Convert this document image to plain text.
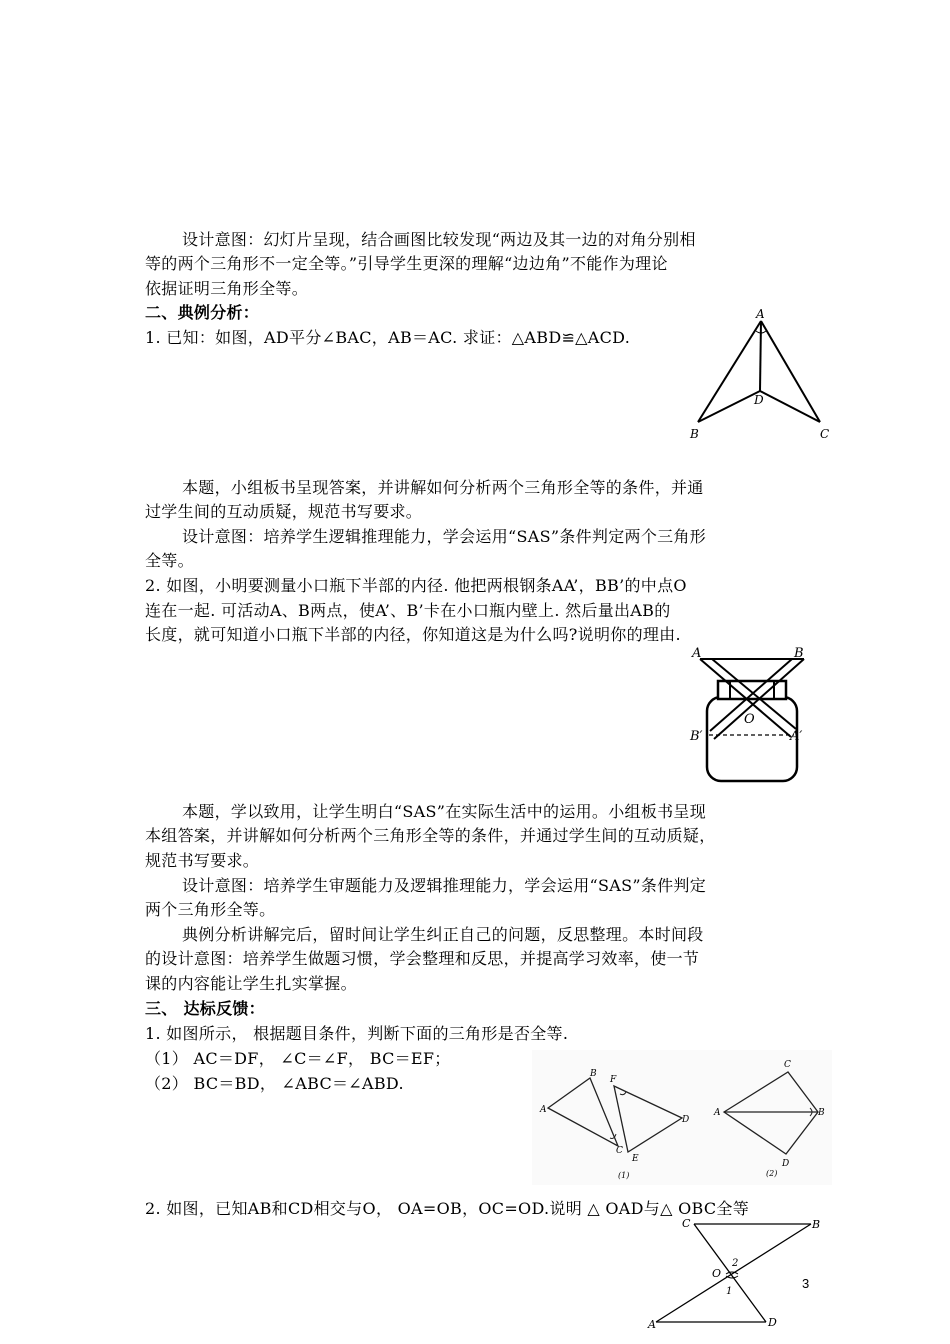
设计意图：幻灯片呈现，结合画图比较发现“两边及其一边的对角分别相
等的两个三角形不一定全等。”引导学生更深的理解“边边角”不能作为理论
依据证明三角形全等。
二、典例分析：
1. 已知：如图，AD平分∠BAC，AB＝AC. 求证：△ABD≌△ACD.
A
B	C
D
本题，小组板书呈现答案，并讲解如何分析两个三角形全等的条件，并通
过学生间的互动质疑，规范书写要求。
设计意图：培养学生逻辑推理能力，学会运用“SAS”条件判定两个三角形
全等。
2. 如图，小明要测量小口瓶下半部的内径. 他把两根钢条AA’，BB’的中点O
连在一起. 可活动A、B两点，使A’、B’卡在小口瓶内壁上. 然后量出AB的
长度，就可知道小口瓶下半部的内径，你知道这是为什么吗?说明你的理由.
A	B
O
B′	A′
本题，学以致用，让学生明白“SAS”在实际生活中的运用。小组板书呈现
本组答案，并讲解如何分析两个三角形全等的条件，并通过学生间的互动质疑，
规范书写要求。
设计意图：培养学生审题能力及逻辑推理能力，学会运用“SAS”条件判定
两个三角形全等。
典例分析讲解完后，留时间让学生纠正自己的问题，反思整理。本时间段
的设计意图：培养学生做题习惯，学会整理和反思，并提高学习效率，使一节
课的内容能让学生扎实掌握。
三、 达标反馈：
1. 如图所示， 根据题目条件，判断下面的三角形是否全等.
（1） AC＝DF， ∠C＝∠F， BC＝EF；
（2） BC＝BD， ∠ABC＝∠ABD.
A
B
C
F
D
E
(1)
A
C
B
D
(2)
2. 如图，已知AB和CD相交与O， OA=OB，OC=OD.说明 △ OAD与△ OBC全等
C	B
O
2
1
A	D
3
